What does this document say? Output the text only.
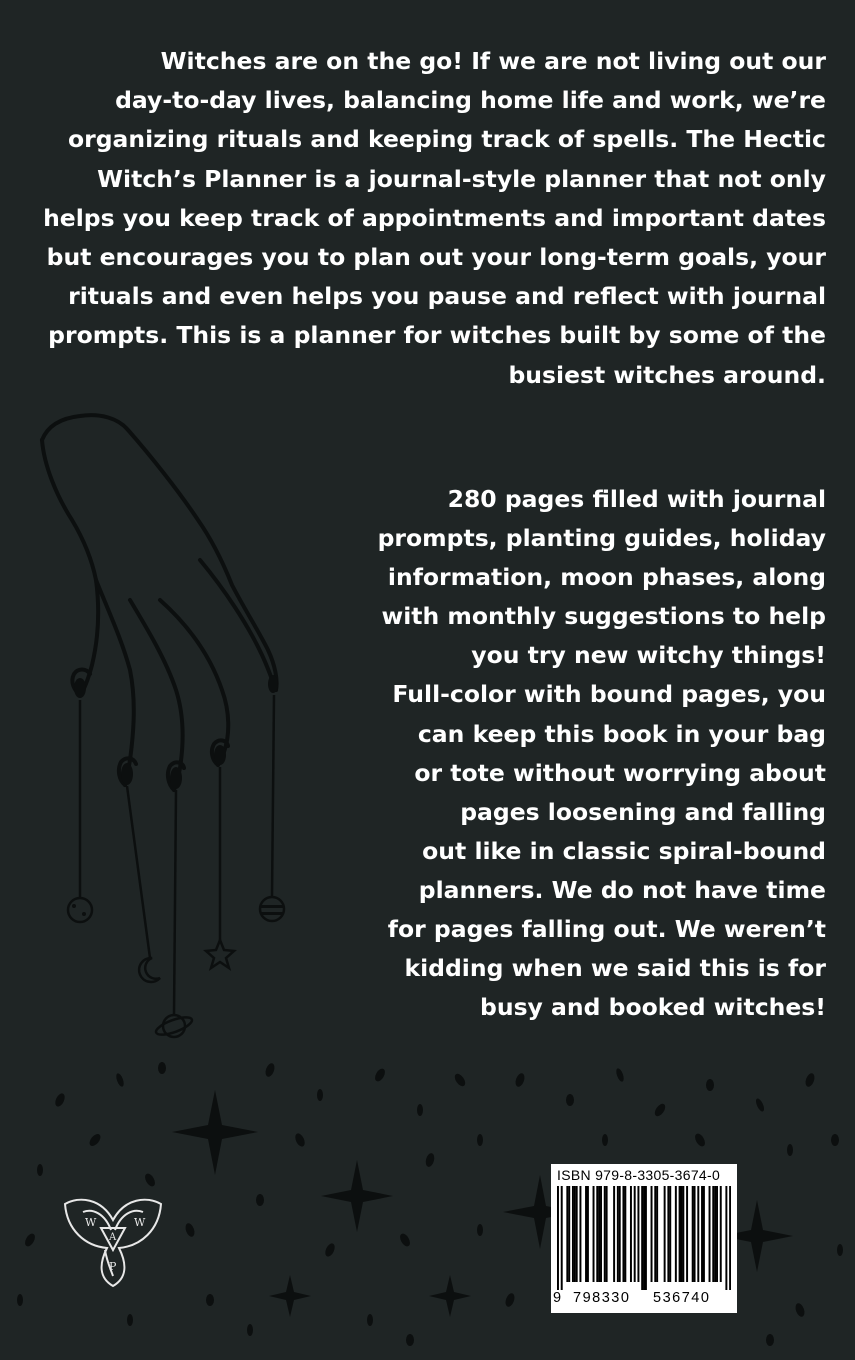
Witches are on the go! If we are not living out our
day-to-day lives, balancing home life and work, we’re
organizing rituals and keeping track of spells. The Hectic
Witch’s Planner is a journal-style planner that not only
helps you keep track of appointments and important dates
but encourages you to plan out your long-term goals, your
rituals and even helps you pause and reflect with journal
prompts. This is a planner for witches built by some of the
busiest witches around.

280 pages filled with journal
prompts, planting guides, holiday
information, moon phases, along
with monthly suggestions to help
you try new witchy things!
Full-color with bound pages, you
can keep this book in your bag
or tote without worrying about
pages loosening and falling
out like in classic spiral-bound
planners. We do not have time
for pages falling out. We weren’t
kidding when we said this is for
busy and booked witches!

W
A
W
P
ISBN 979-8-3305-3674-0
9 798330 536740
